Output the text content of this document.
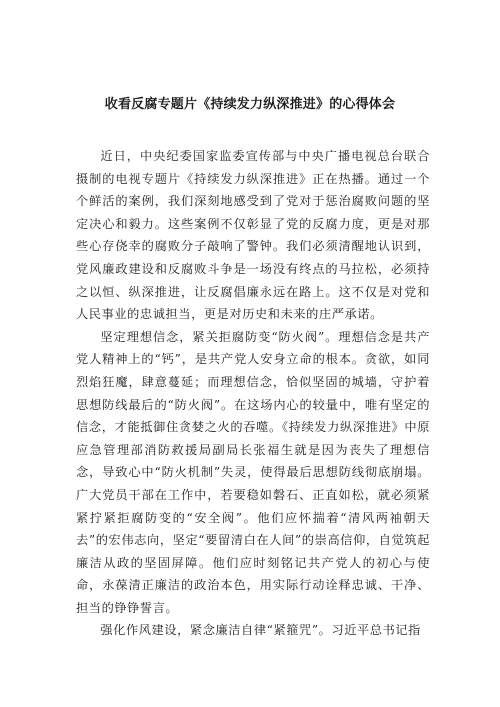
收看反腐专题片《持续发力纵深推进》的心得体会

近日，中央纪委国家监委宣传部与中央广播电视总台联合摄制的电视专题片《持续发力纵深推进》正在热播。通过一个个鲜活的案例，我们深刻地感受到了党对于惩治腐败问题的坚定决心和毅力。这些案例不仅彰显了党的反腐力度，更是对那些心存侥幸的腐败分子敲响了警钟。我们必须清醒地认识到，党风廉政建设和反腐败斗争是一场没有终点的马拉松，必须持之以恒、纵深推进，让反腐倡廉永远在路上。这不仅是对党和人民事业的忠诚担当，更是对历史和未来的庄严承诺。

坚定理想信念，紧关拒腐防变“防火阀”。理想信念是共产党人精神上的“钙”，是共产党人安身立命的根本。贪欲，如同烈焰狂魔，肆意蔓延；而理想信念，恰似坚固的城墙，守护着思想防线最后的“防火阀”。在这场内心的较量中，唯有坚定的信念，才能抵御住贪婪之火的吞噬。《持续发力纵深推进》中原应急管理部消防救援局副局长张福生就是因为丧失了理想信念，导致心中“防火机制”失灵，使得最后思想防线彻底崩塌。广大党员干部在工作中，若要稳如磐石、正直如松，就必须紧紧拧紧拒腐防变的“安全阀”。他们应怀揣着“清风两袖朝天去”的宏伟志向，坚定“要留清白在人间”的崇高信仰，自觉筑起廉洁从政的坚固屏障。他们应时刻铭记共产党人的初心与使命，永葆清正廉洁的政治本色，用实际行动诠释忠诚、干净、担当的铮铮誓言。

强化作风建设，紧念廉洁自律“紧箍咒”。习近平总书记指
